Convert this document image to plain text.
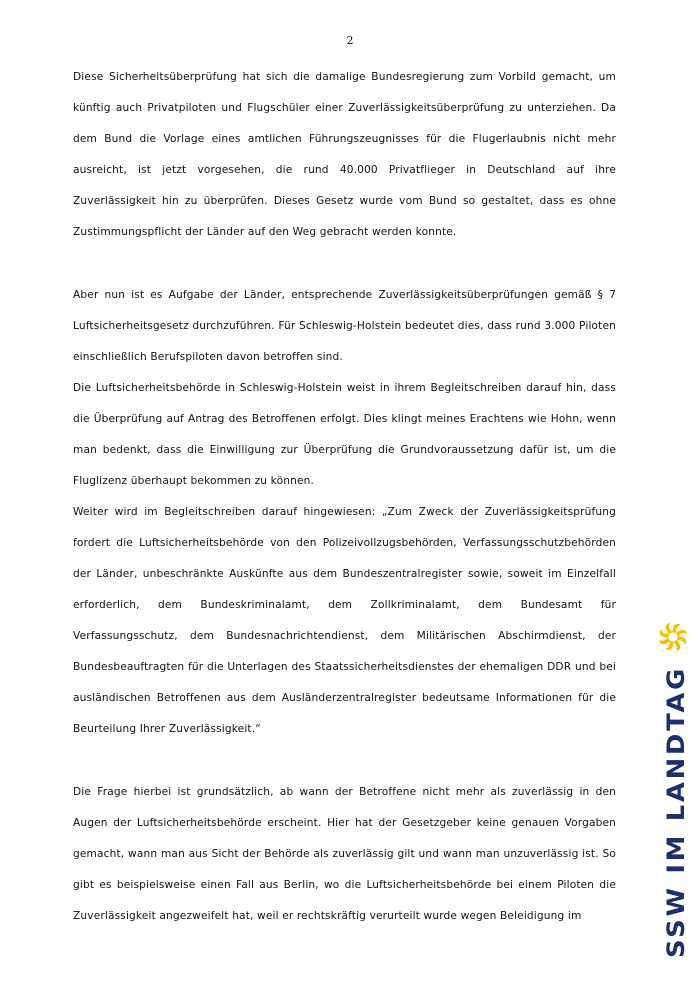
2

Diese Sicherheitsüberprüfung hat sich die damalige Bundesregierung zum Vorbild gemacht, um künftig auch Privatpiloten und Flugschüler einer Zuverlässigkeitsüberprüfung zu unterziehen. Da dem Bund die Vorlage eines amtlichen Führungszeugnisses für die Flugerlaubnis nicht mehr ausreicht, ist jetzt vorgesehen, die rund 40.000 Privatflieger in Deutschland auf ihre Zuverlässigkeit hin zu überprüfen. Dieses Gesetz wurde vom Bund so gestaltet, dass es ohne Zustimmungspflicht der Länder auf den Weg gebracht werden konnte.

Aber nun ist es Aufgabe der Länder, entsprechende Zuverlässigkeitsüberprüfungen gemäß § 7 Luftsicherheitsgesetz durchzuführen. Für Schleswig-Holstein bedeutet dies, dass rund 3.000 Piloten einschließlich Berufspiloten davon betroffen sind.

Die Luftsicherheitsbehörde in Schleswig-Holstein weist in ihrem Begleitschreiben darauf hin, dass die Überprüfung auf Antrag des Betroffenen erfolgt. Dies klingt meines Erachtens wie Hohn, wenn man bedenkt, dass die Einwilligung zur Überprüfung die Grundvoraussetzung dafür ist, um die Fluglizenz überhaupt bekommen zu können.

Weiter wird im Begleitschreiben darauf hingewiesen: „Zum Zweck der Zuverlässigkeitsprüfung fordert die Luftsicherheitsbehörde von den Polizeivollzugsbehörden, Verfassungsschutzbehörden der Länder, unbeschränkte Auskünfte aus dem Bundeszentralregister sowie, soweit im Einzelfall erforderlich, dem Bundeskriminalamt, dem Zollkriminalamt, dem Bundesamt für Verfassungsschutz, dem Bundesnachrichtendienst, dem Militärischen Abschirmdienst, der Bundesbeauftragten für die Unterlagen des Staatssicherheitsdienstes der ehemaligen DDR und bei ausländischen Betroffenen aus dem Ausländerzentralregister bedeutsame Informationen für die Beurteilung Ihrer Zuverlässigkeit.“

Die Frage hierbei ist grundsätzlich, ab wann der Betroffene nicht mehr als zuverlässig in den Augen der Luftsicherheitsbehörde erscheint. Hier hat der Gesetzgeber keine genauen Vorgaben gemacht, wann man aus Sicht der Behörde als zuverlässig gilt und wann man unzuverlässig ist. So gibt es beispielsweise einen Fall aus Berlin, wo die Luftsicherheitsbehörde bei einem Piloten die Zuverlässigkeit angezweifelt hat, weil er rechtskräftig verurteilt wurde wegen Beleidigung im	SSW IM LANDTAG
